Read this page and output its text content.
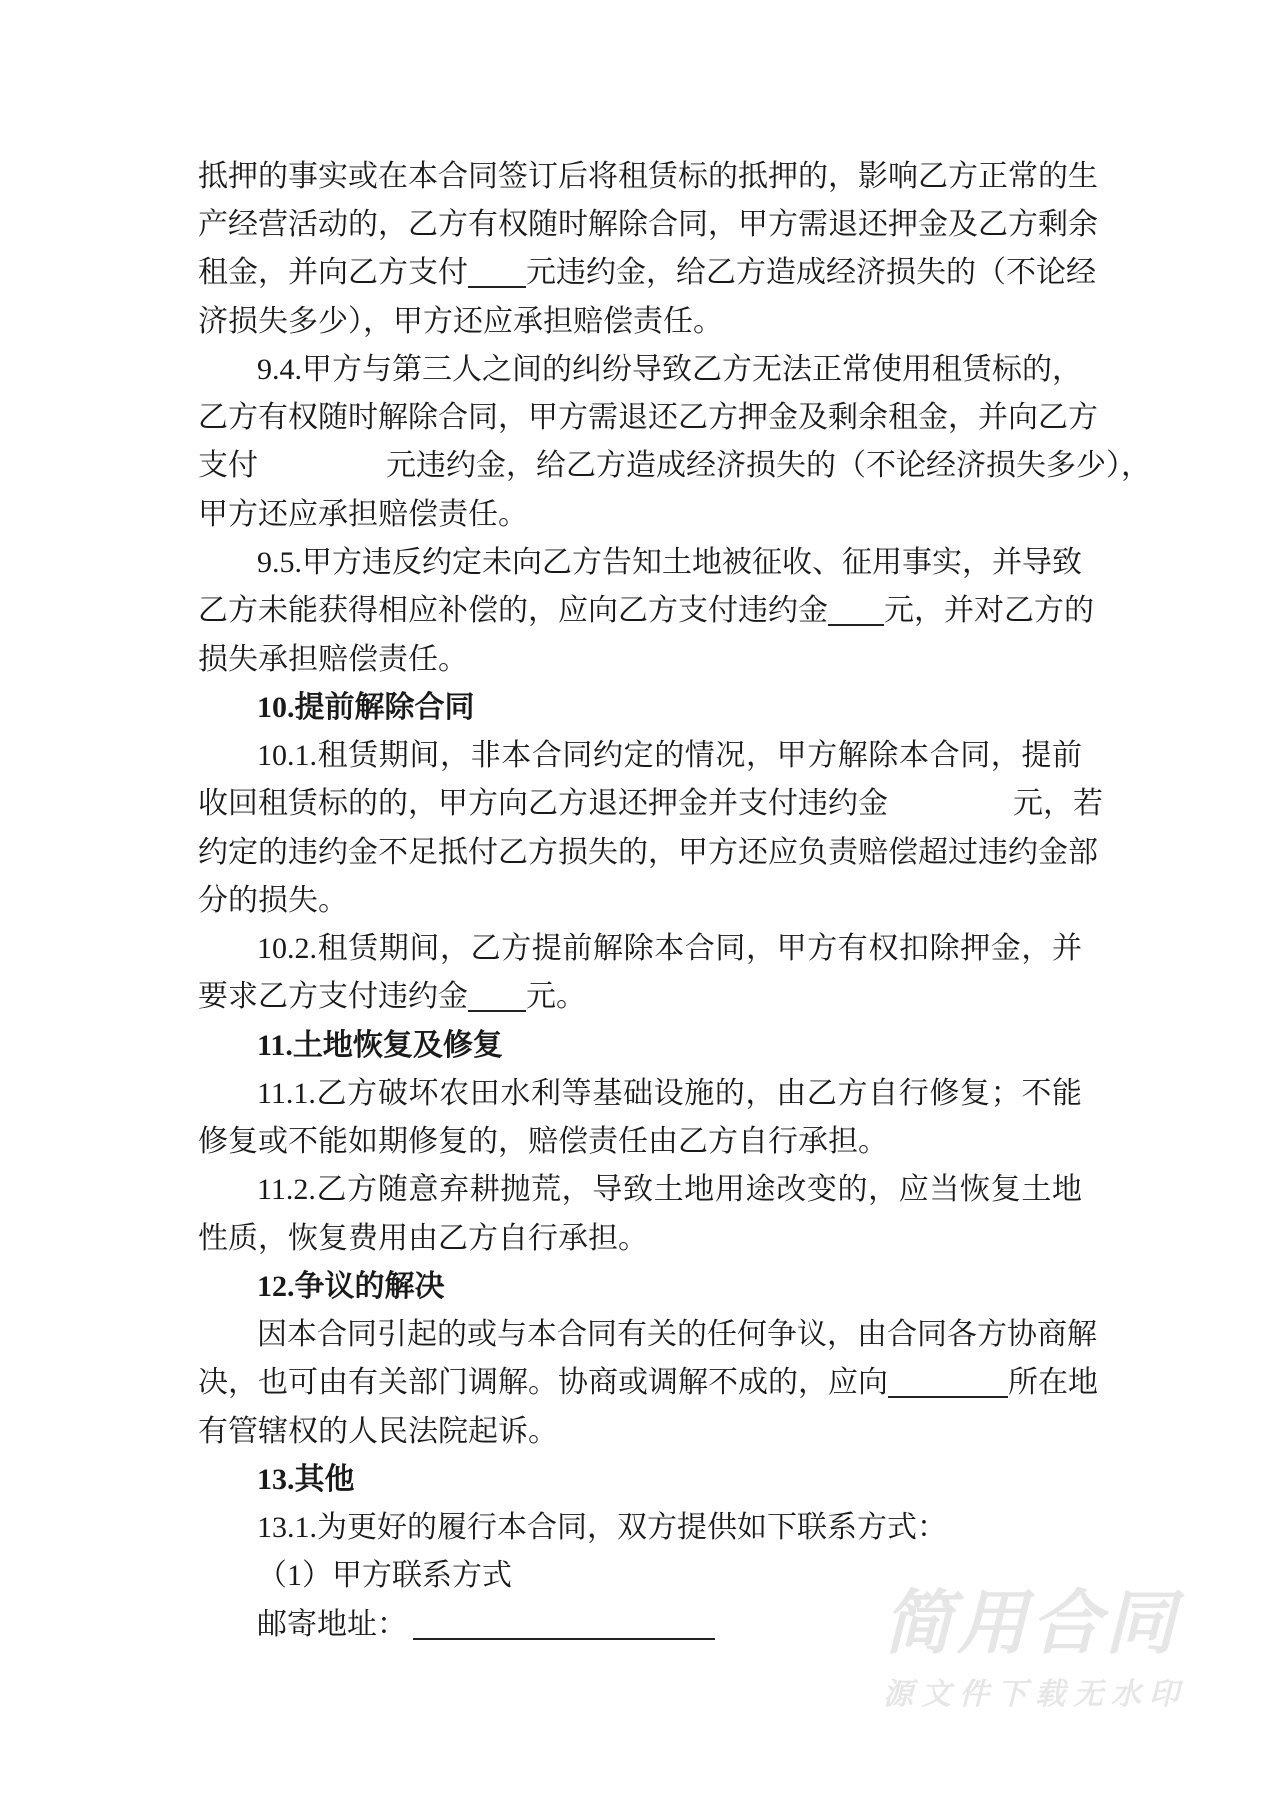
抵押的事实或在本合同签订后将租赁标的抵押的，影响乙方正常的生
产经营活动的，乙方有权随时解除合同，甲方需退还押金及乙方剩余
租金，并向乙方支付 元违约金，给乙方造成经济损失的（不论经
济损失多少），甲方还应承担赔偿责任。
9.4.甲方与第三人之间的纠纷导致乙方无法正常使用租赁标的，
乙方有权随时解除合同，甲方需退还乙方押金及剩余租金，并向乙方
支付	元违约金，给乙方造成经济损失的（不论经济损失多少），
甲方还应承担赔偿责任。
9.5.甲方违反约定未向乙方告知土地被征收、征用事实，并导致
乙方未能获得相应补偿的，应向乙方支付违约金 元，并对乙方的
损失承担赔偿责任。
10.提前解除合同
10.1.租赁期间，非本合同约定的情况，甲方解除本合同，提前
收回租赁标的的，甲方向乙方退还押金并支付违约金	元，若
约定的违约金不足抵付乙方损失的，甲方还应负责赔偿超过违约金部
分的损失。
10.2.租赁期间，乙方提前解除本合同，甲方有权扣除押金，并
要求乙方支付违约金 元。
11.土地恢复及修复
11.1.乙方破坏农田水利等基础设施的，由乙方自行修复；不能
修复或不能如期修复的，赔偿责任由乙方自行承担。
11.2.乙方随意弃耕抛荒，导致土地用途改变的，应当恢复土地
性质，恢复费用由乙方自行承担。
12.争议的解决
因本合同引起的或与本合同有关的任何争议，由合同各方协商解
决，也可由有关部门调解。协商或调解不成的，应向	所在地
有管辖权的人民法院起诉。
13.其他
13.1.为更好的履行本合同，双方提供如下联系方式：
（1）甲方联系方式
邮寄地址：	简用合同
源文件下载无水印
